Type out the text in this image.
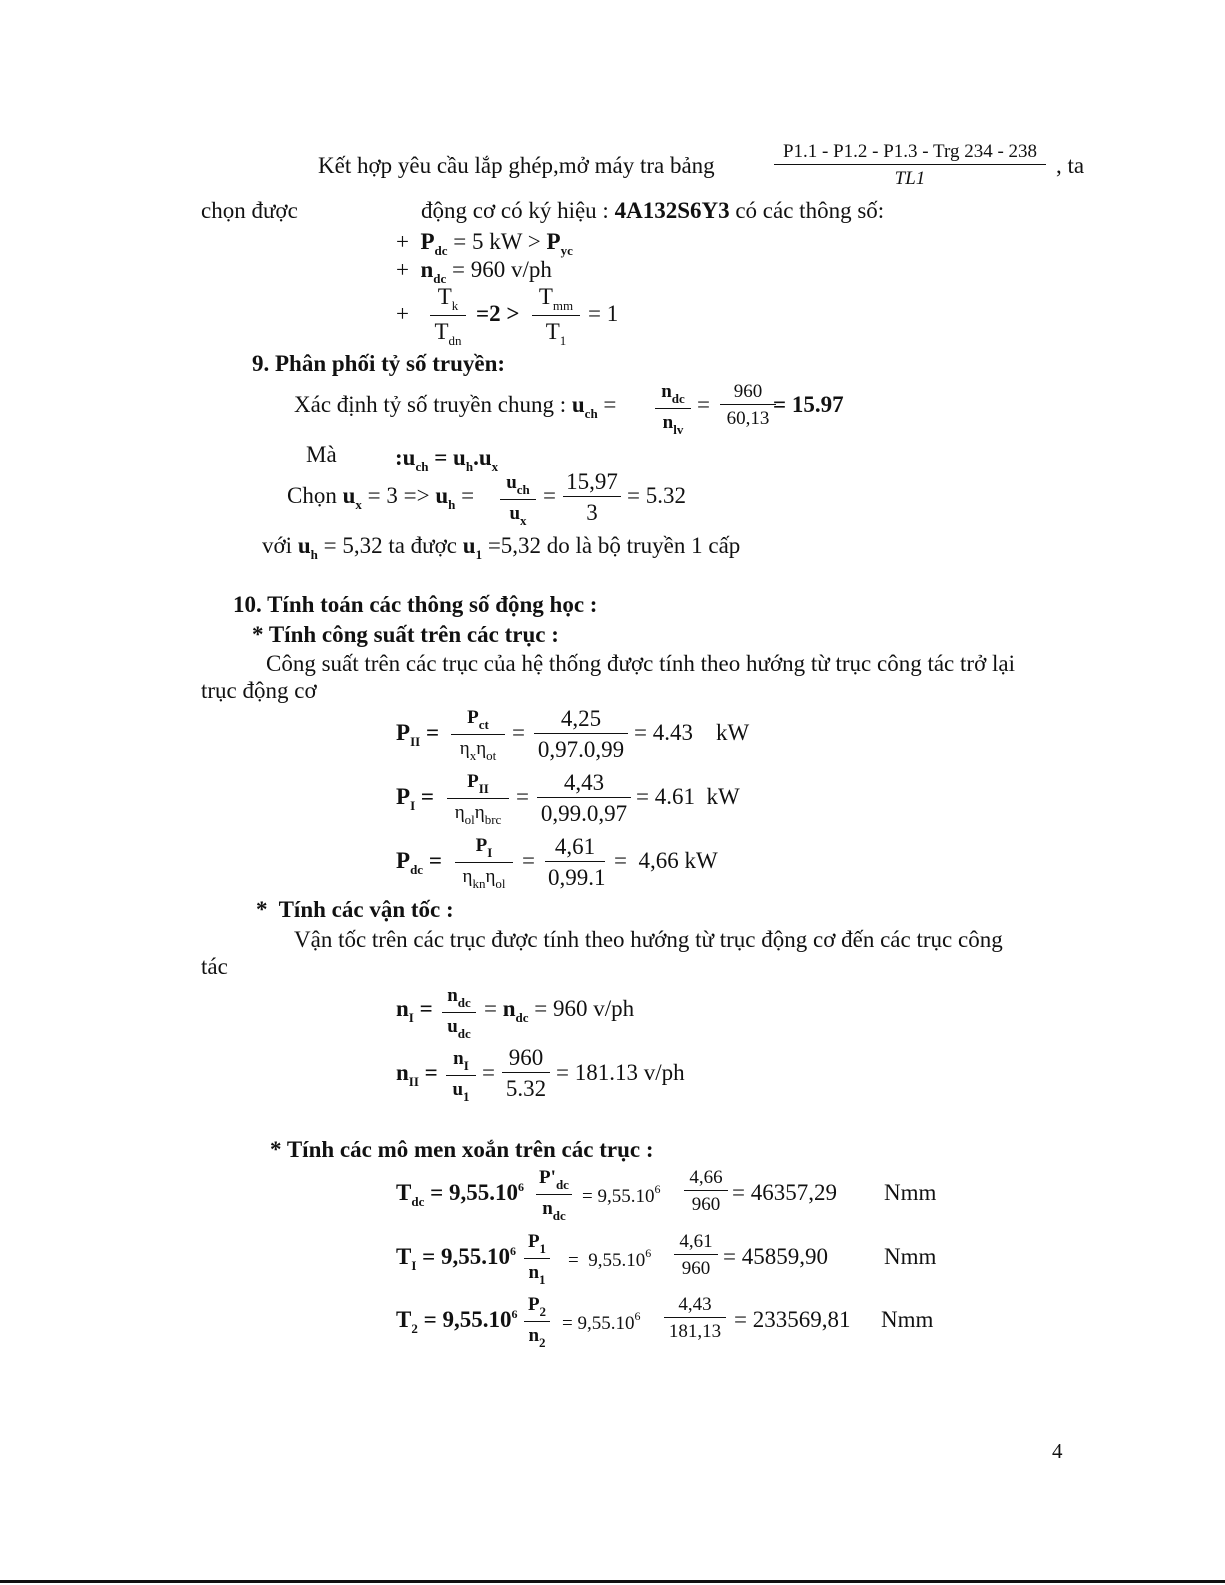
Kết hợp yêu cầu lắp ghép,mở máy tra bảng
P1.1 - P1.2 - P1.3 - Trg 234 - 238
TL1
, ta
chọn được	động cơ có ký hiệu : 4A132S6Y3 có các thông số:
+ $P_{dc} = 5$ kW > $P_{yc}$
+ $n_{dc} = 960$ v/ph
+
$T_k$
$T_{dn}$
=2 >
$T_{mm}$
$T_1$
= 1
9. Phân phối tỷ số truyền:
Xác định tỷ số truyền chung : $u_{ch}$ =
$n_{dc}$
$n_{lv}$
= $\frac{960}{60,13}$
= 15.97
Mà	$:u_{ch} = u_h.u_x$
Chọn $u_x = 3 => u_h$ =
$u_{ch}$
$u_x$
= $\frac{15,97}{3} = 5.32$
với $u_h = 5,32$ ta được $u_1 =5,32$ do là bộ truyền 1 cấp
10. Tính toán các thông số động học :
* Tính công suất trên các trục :
Công suất trên các trục của hệ thống được tính theo hướng từ trục công tác trở lại
trục động cơ
$P_{II}$ =
$P_{ct}$
$\eta_x\eta_{ot}$
= $\frac{4,25}{0,97.0,99} = 4.43$    kW
$P_I$ =
$P_{II}$
$\eta_{ol}\eta_{brc}$
= $\frac{4,43}{0,99.0,97} = 4.61$  kW
$P_{dc}$ =
$P_I$
$\eta_{kn}\eta_{ol}$
= $\frac{4,61}{0,99.1} = 4,66$ kW
*  Tính các vận tốc :
Vận tốc trên các trục được tính theo hướng từ trục động cơ đến các trục công
tác
$n_I$ =
$n_{dc}$
$u_{dc}$
= $n_{dc} = 960$ v/ph
$n_{II} = \frac{n_I}{u_1} = \frac{960}{5.32} = 181.13$ v/ph
* Tính các mô men xoắn trên các trục :
$T_{dc} = 9,55.10^6$ $P'_{dc}$
$n_{dc}$
= $9,55.10^6 \frac{4,66}{960} = 46357,29$ Nmm
$T_I = 9,55.10^6 \frac{P_1}{n_1} = 9,55.10^6 \frac{4,61}{960} = 45859,90$ Nmm
$T_2 = 9,55.10^6 \frac{P_2}{n_2} = 9,55.10^6 \frac{4,43}{181,13} = 233569,81$ Nmm
4
